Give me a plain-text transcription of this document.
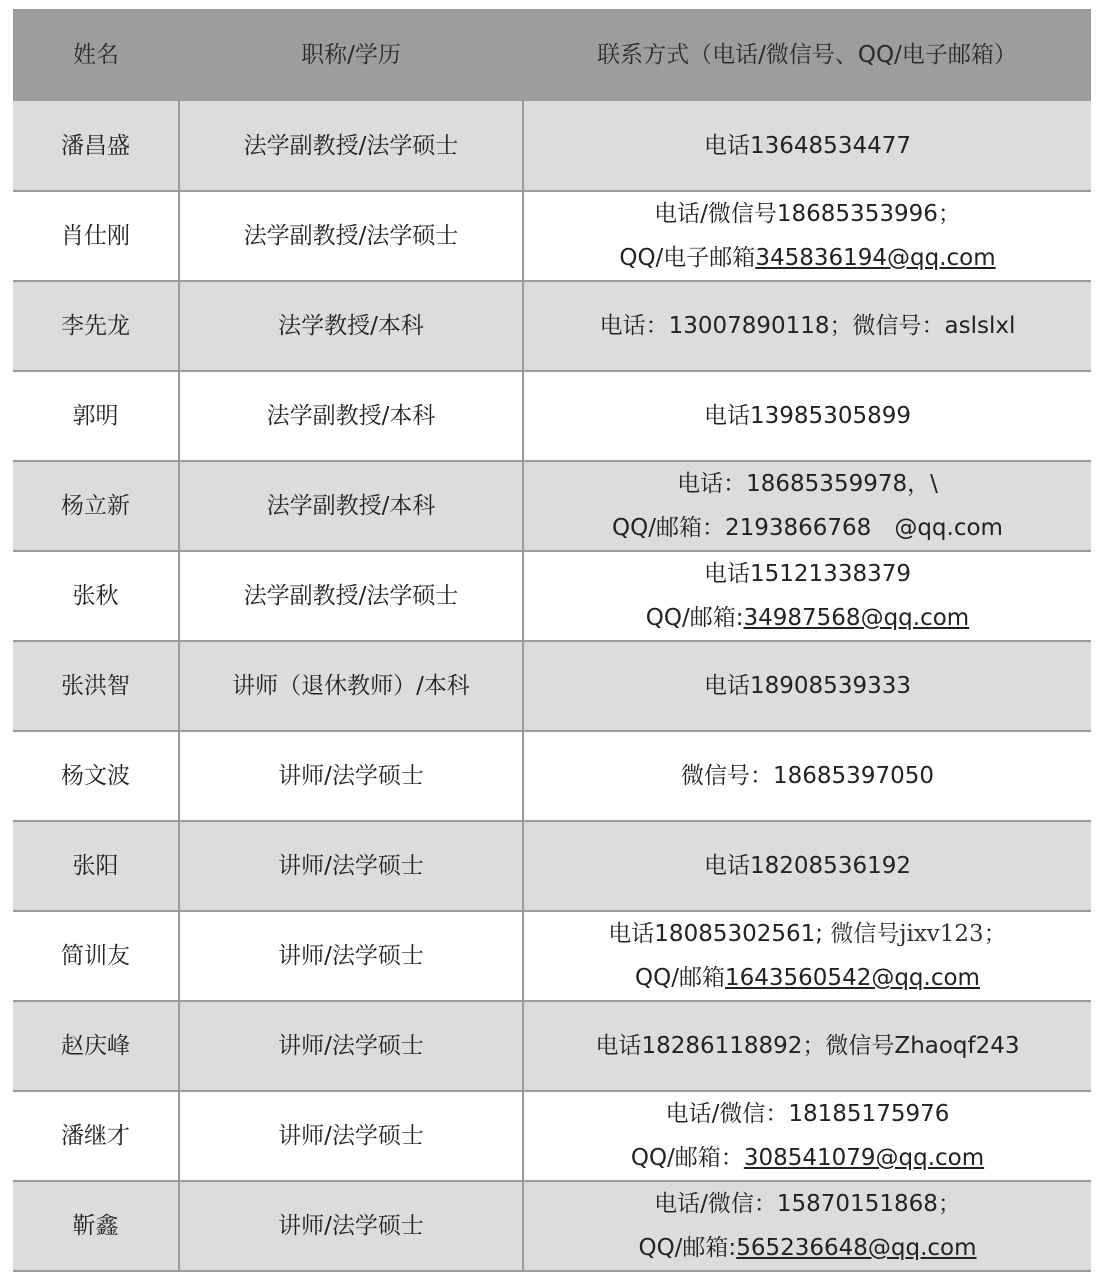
姓名	职称/学历	联系方式（电话/微信号、QQ/电子邮箱）
潘昌盛	法学副教授/法学硕士	电话13648534477

肖仕刚	法学副教授/法学硕士	电话/微信号18685353996；
QQ/电子邮箱345836194@qq.com

李先龙	法学教授/本科	电话：13007890118；微信号：aslslxl

郭明	法学副教授/本科	电话13985305899

杨立新	法学副教授/本科	电话：18685359978，\
QQ/邮箱：2193866768　@qq.com

张秋	法学副教授/法学硕士	电话15121338379
QQ/邮箱:34987568@qq.com

张洪智	讲师（退休教师）/本科	电话18908539333

杨文波	讲师/法学硕士	微信号：18685397050

张阳	讲师/法学硕士	电话18208536192

简训友	讲师/法学硕士	电话18085302561; 微信号jixv123；
QQ/邮箱1643560542@qq.com

赵庆峰	讲师/法学硕士	电话18286118892；微信号Zhaoqf243

潘继才	讲师/法学硕士	电话/微信：18185175976
QQ/邮箱：308541079@qq.com

靳鑫	讲师/法学硕士	电话/微信：15870151868；
QQ/邮箱:565236648@qq.com
